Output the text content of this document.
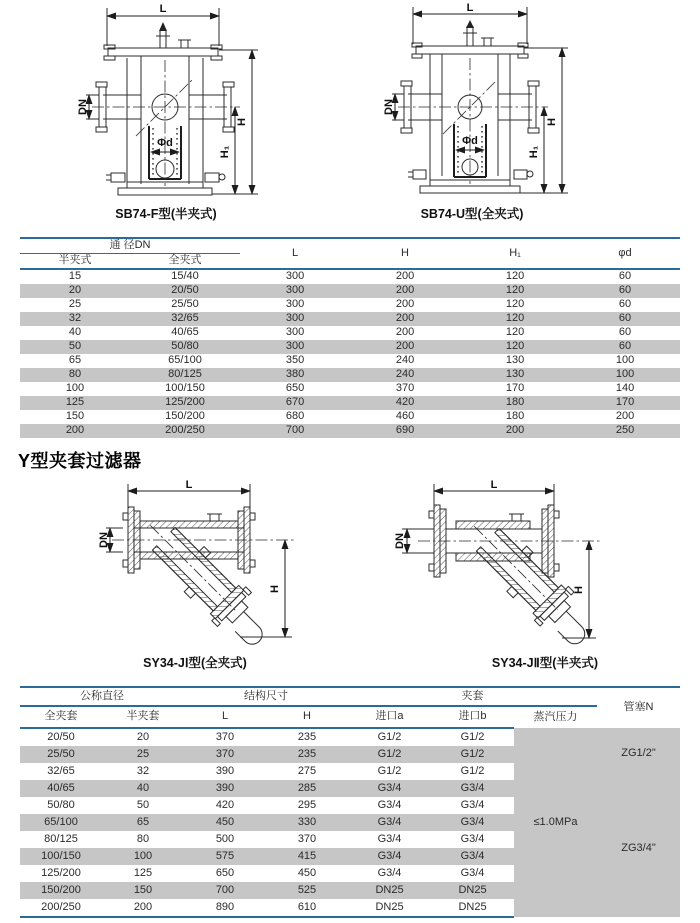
L
Φd
DN
H
H₁
SB74-F型(半夹式)
L
Φd
DN
H
H₁
SB74-U型(全夹式)
通 径DN		L	H	H₁	φd
半夹式	全夹式				
15	15/40	300	200	120	60
20	20/50	300	200	120	60
25	25/50	300	200	120	60
32	32/65	300	200	120	60
40	40/65	300	200	120	60
50	50/80	300	200	120	60
65	65/100	350	240	130	100
80	80/125	380	240	130	100
100	100/150	650	370	170	140
125	125/200	670	420	180	170
150	150/200	680	460	180	200
200	200/250	700	690	200	250
Y型夹套过滤器
L
DN
H
SY34-JⅠ型(全夹式)
L
DN
H
SY34-JⅡ型(半夹式)
公称直径		结构尺寸			夹套		管塞N
全夹套	半夹套	L	H	进口a	进口b	蒸汽压力	
20/50	20	370	235	G1/2	G1/2	≤1.0MPa	ZG1/2"
25/50	25	370	235	G1/2	G1/2		
32/65	32	390	275	G1/2	G1/2		
40/65	40	390	285	G3/4	G3/4		ZG3/4"
50/80	50	420	295	G3/4	G3/4		
65/100	65	450	330	G3/4	G3/4		
80/125	80	500	370	G3/4	G3/4		
100/150	100	575	415	G3/4	G3/4		
125/200	125	650	450	G3/4	G3/4		
150/200	150	700	525	DN25	DN25		
200/250	200	890	610	DN25	DN25		
